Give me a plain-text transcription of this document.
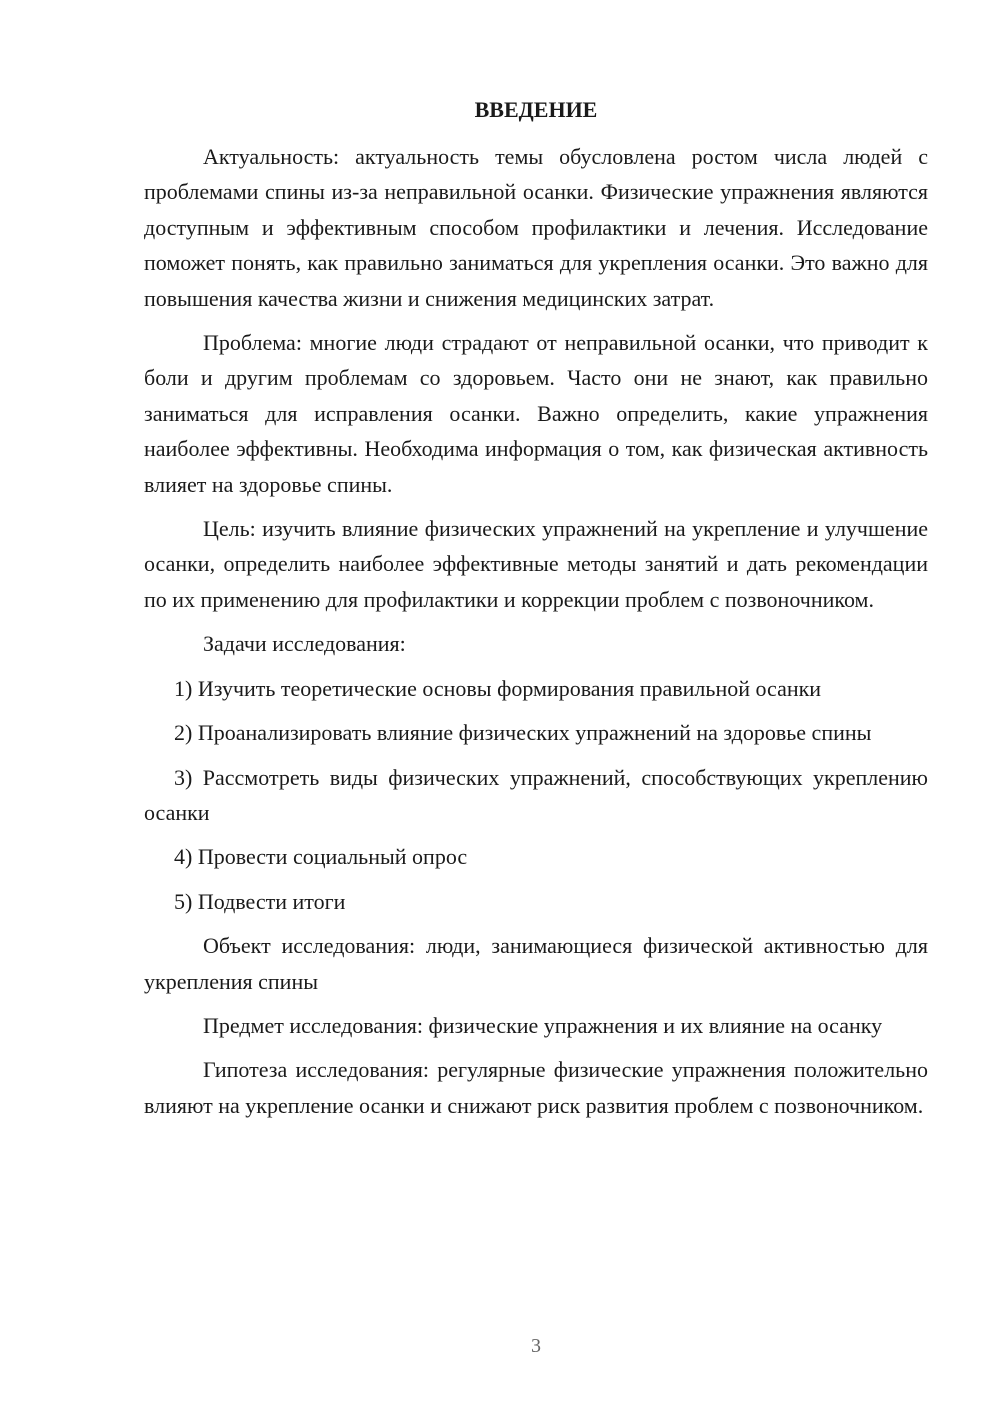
ВВЕДЕНИЕ

Актуальность: актуальность темы обусловлена ростом числа людей с проблемами спины из-за неправильной осанки. Физические упражнения являются доступным и эффективным способом профилактики и лечения. Исследование поможет понять, как правильно заниматься для укрепления осанки. Это важно для повышения качества жизни и снижения медицинских затрат.

Проблема: многие люди страдают от неправильной осанки, что приводит к боли и другим проблемам со здоровьем. Часто они не знают, как правильно заниматься для исправления осанки. Важно определить, какие упражнения наиболее эффективны. Необходима информация о том, как физическая активность влияет на здоровье спины.

Цель: изучить влияние физических упражнений на укрепление и улучшение осанки, определить наиболее эффективные методы занятий и дать рекомендации по их применению для профилактики и коррекции проблем с позвоночником.

Задачи исследования:

1) Изучить теоретические основы формирования правильной осанки

2) Проанализировать влияние физических упражнений на здоровье спины

3) Рассмотреть виды физических упражнений, способствующих укреплению осанки

4) Провести социальный опрос

5) Подвести итоги

Объект исследования: люди, занимающиеся физической активностью для укрепления спины

Предмет исследования: физические упражнения и их влияние на осанку

Гипотеза исследования: регулярные физические упражнения положительно влияют на укрепление осанки и снижают риск развития проблем с позвоночником.

3
